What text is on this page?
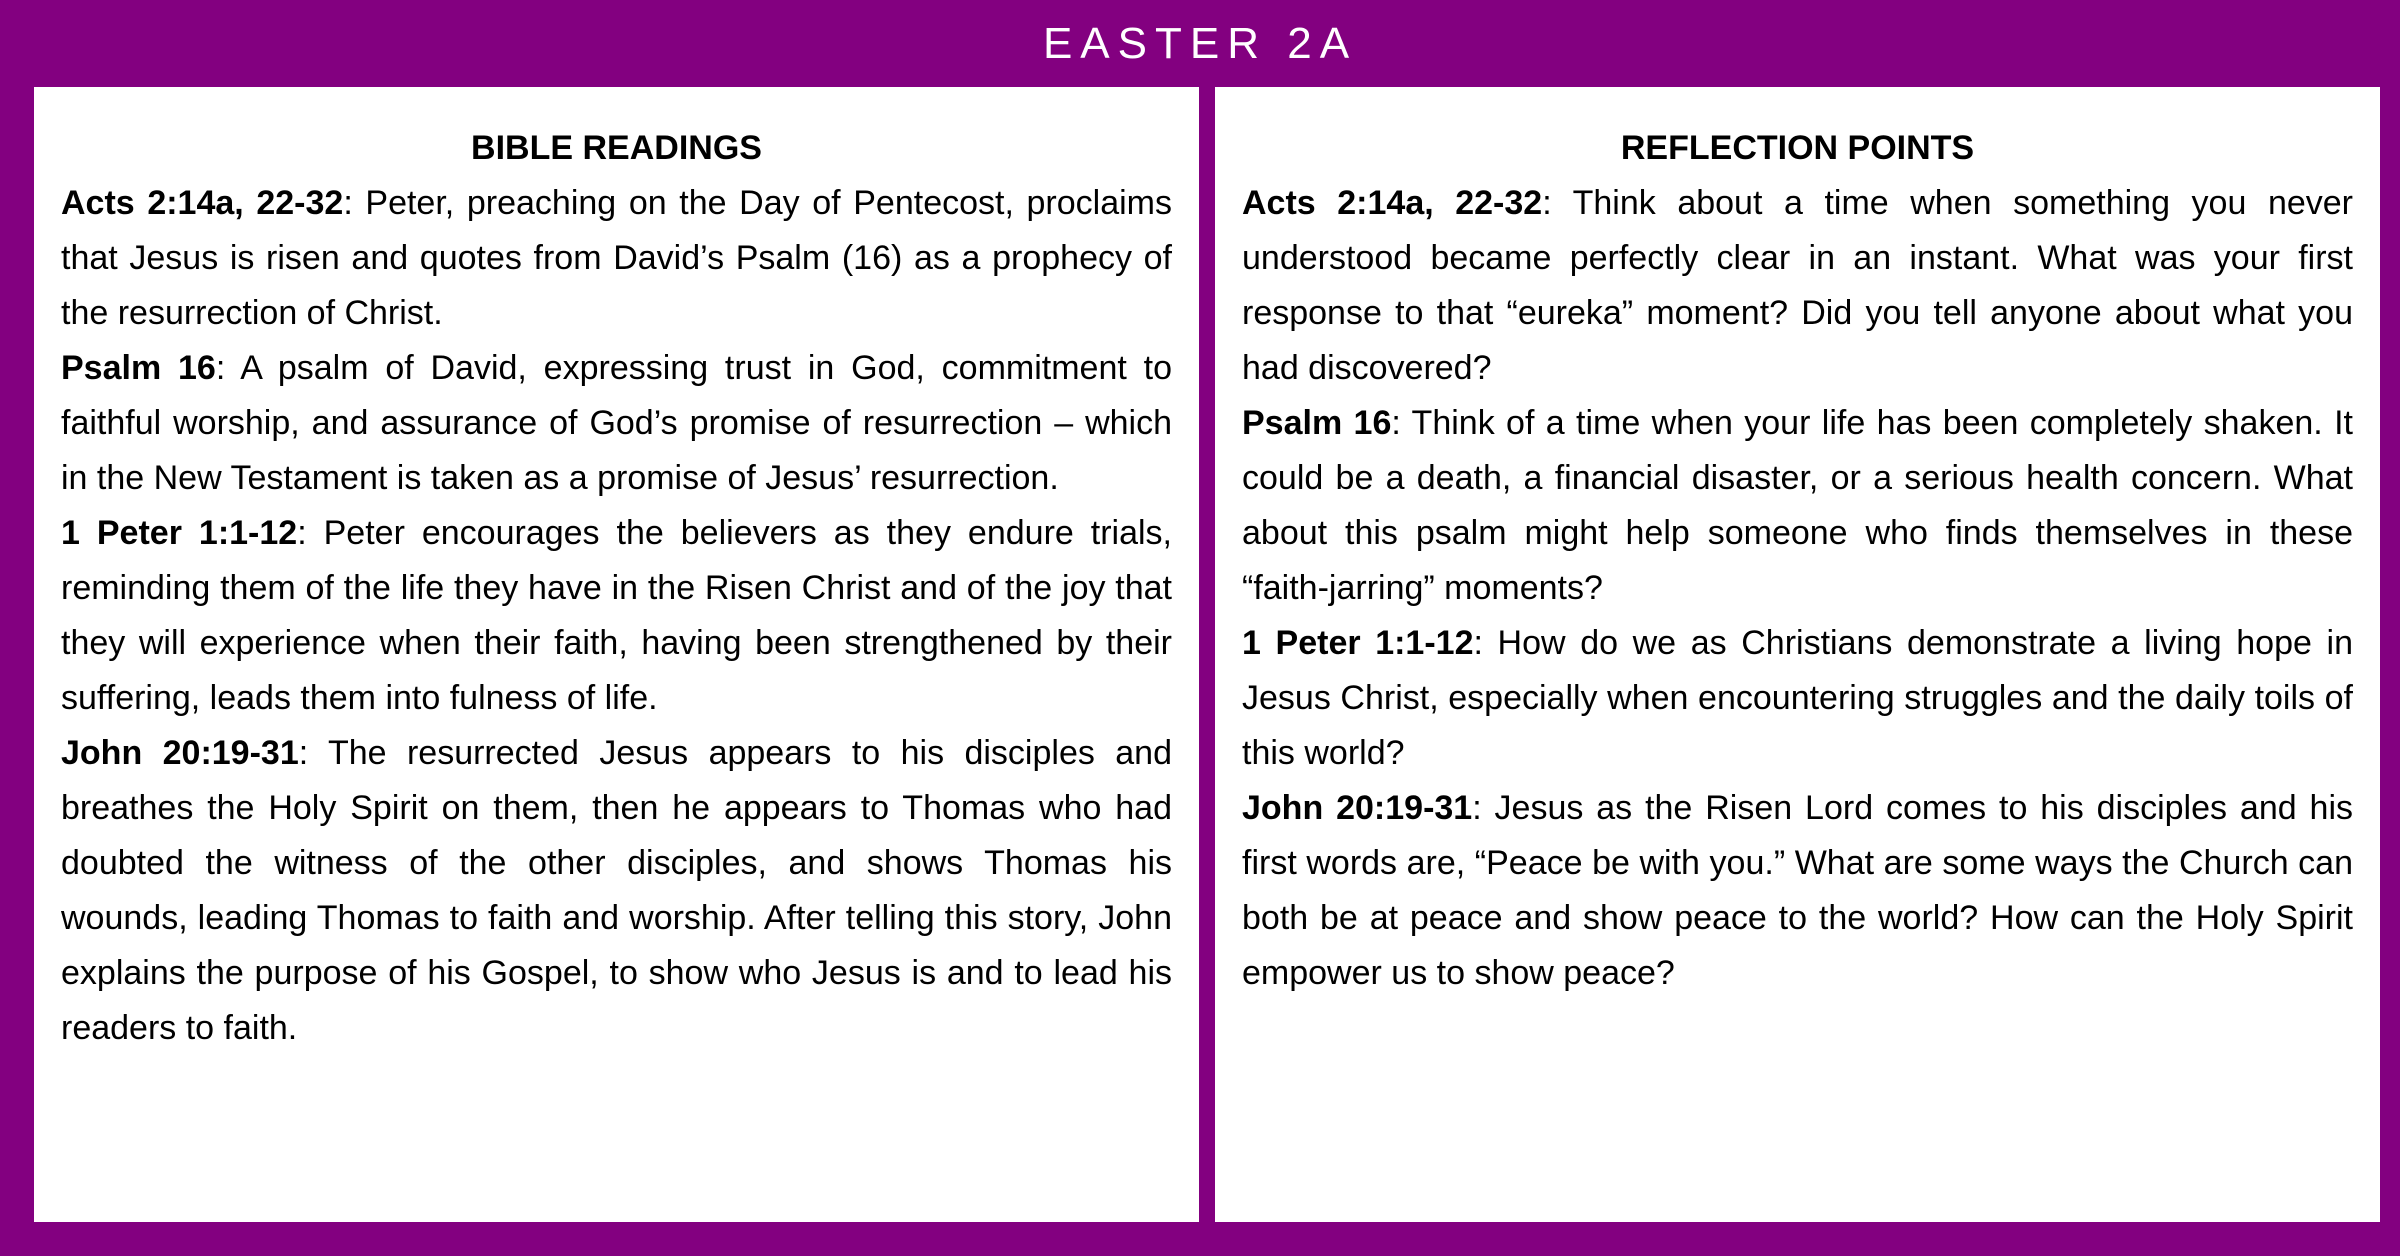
EASTER 2A
BIBLE READINGS

Acts 2:14a, 22-32: Peter, preaching on the Day of Pentecost, proclaims that Jesus is risen and quotes from David’s Psalm (16) as a prophecy of the resurrection of Christ.

Psalm 16: A psalm of David, expressing trust in God, commitment to faithful worship, and assurance of God’s promise of resurrection – which in the New Testament is taken as a promise of Jesus’ resurrection.

1 Peter 1:1-12: Peter encourages the believers as they endure trials, reminding them of the life they have in the Risen Christ and of the joy that they will experience when their faith, having been strengthened by their suffering, leads them into fulness of life.

John 20:19-31: The resurrected Jesus appears to his disciples and breathes the Holy Spirit on them, then he appears to Thomas who had doubted the witness of the other disciples, and shows Thomas his wounds, leading Thomas to faith and worship. After telling this story, John explains the purpose of his Gospel, to show who Jesus is and to lead his readers to faith.

REFLECTION POINTS

Acts 2:14a, 22-32: Think about a time when something you never understood became perfectly clear in an instant. What was your first response to that “eureka” moment? Did you tell anyone about what you had discovered?

Psalm 16: Think of a time when your life has been completely shaken. It could be a death, a financial disaster, or a serious health concern. What about this psalm might help someone who finds themselves in these “faith-jarring” moments?

1 Peter 1:1-12: How do we as Christians demonstrate a living hope in Jesus Christ, especially when encountering struggles and the daily toils of this world?

John 20:19-31: Jesus as the Risen Lord comes to his disciples and his first words are, “Peace be with you.” What are some ways the Church can both be at peace and show peace to the world? How can the Holy Spirit empower us to show peace?
